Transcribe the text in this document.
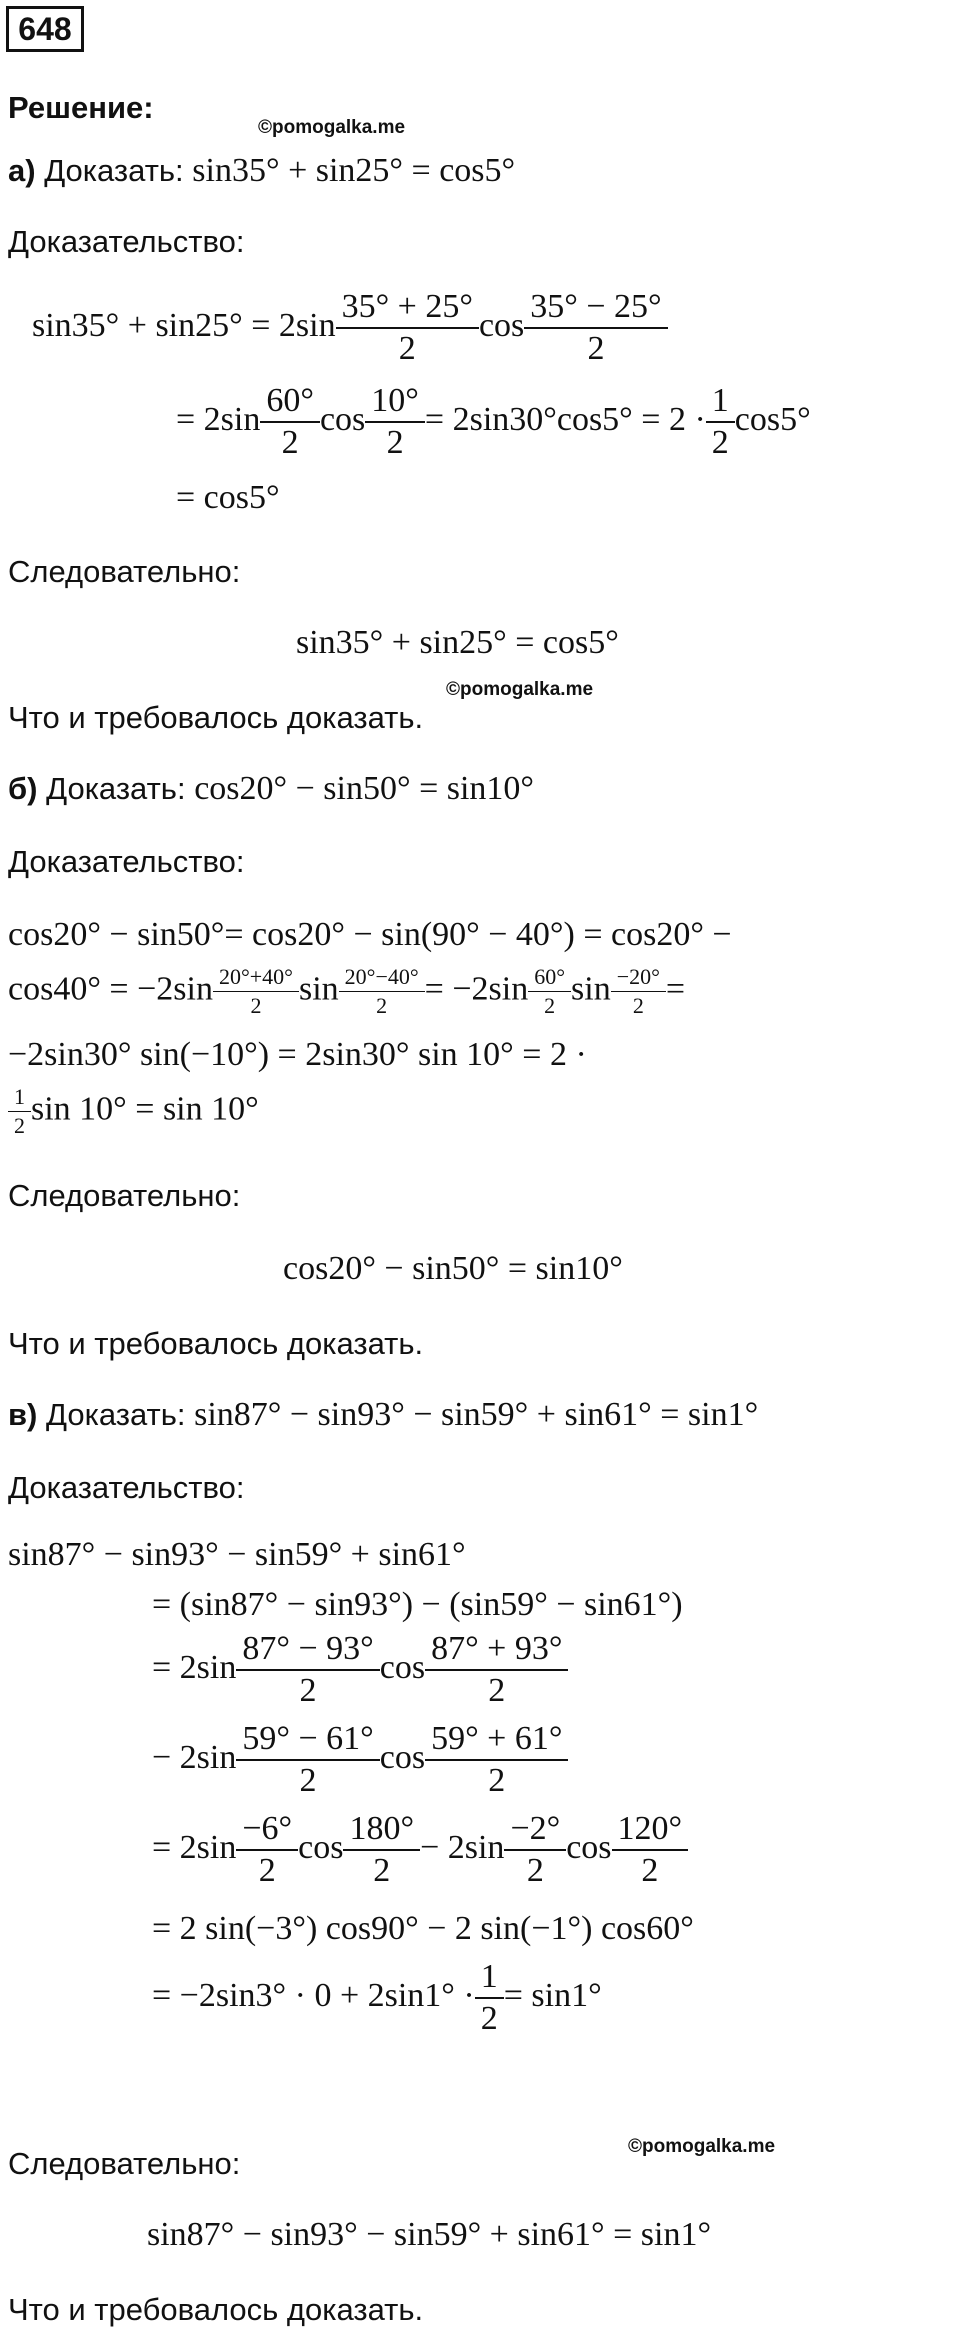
648
Решение:
©pomogalka.me
а) Доказать: sin35° + sin25° = cos5°
Доказательство:
$\sin 35^\circ + \sin 25^\circ = 2\sin \frac{35^\circ + 25^\circ}{2}$ $\cos \frac{35^\circ - 25^\circ}{2}$
= $2\sin \frac{60^\circ}{2}$ $\cos \frac{10^\circ}{2} = 2\sin 30^\circ\cos 5^\circ = 2 \cdot \frac{1}{2} \cos 5^\circ$
= cos5°
Следовательно:
sin35° + sin25° = cos5°
©pomogalka.me
Что и требовалось доказать.
б) Доказать: cos20° − sin50° = sin10°
Доказательство:
cos20° − sin50°= cos20° − sin(90° − 40°) = cos20° −
$\cos 40^\circ = -2\sin \frac{20^\circ+40^\circ}{2}$ $\sin \frac{20^\circ-40^\circ}{2} = -2\sin \frac{60^\circ}{2}$ $\sin \frac{-20^\circ}{2}$ =
−2sin30° sin(−10°) = 2sin30° sin 10° = 2 ·
$\frac{1}{2}$ sin 10° = sin 10°
Следовательно:
cos20° − sin50° = sin10°
Что и требовалось доказать.
в) Доказать: sin87° − sin93° − sin59° + sin61° = sin1°
Доказательство:
sin87° − sin93° − sin59° + sin61°
= (sin87° − sin93°) − (sin59° − sin61°)
= $2\sin \frac{87^\circ - 93^\circ}{2}$ $\cos \frac{87^\circ + 93^\circ}{2}$
− $2\sin \frac{59^\circ - 61^\circ}{2}$ $\cos \frac{59^\circ + 61^\circ}{2}$
= $2\sin \frac{-6^\circ}{2}$ $\cos \frac{180^\circ}{2} - 2\sin \frac{-2^\circ}{2}$ $\cos \frac{120^\circ}{2}$
= 2 sin(−3°) cos90° − 2 sin(−1°) cos60°
= $-2\sin 3^\circ \cdot 0 + 2\sin 1^\circ \cdot \frac{1}{2} = \sin 1^\circ$
©pomogalka.me
Следовательно:
sin87° − sin93° − sin59° + sin61° = sin1°
Что и требовалось доказать.
